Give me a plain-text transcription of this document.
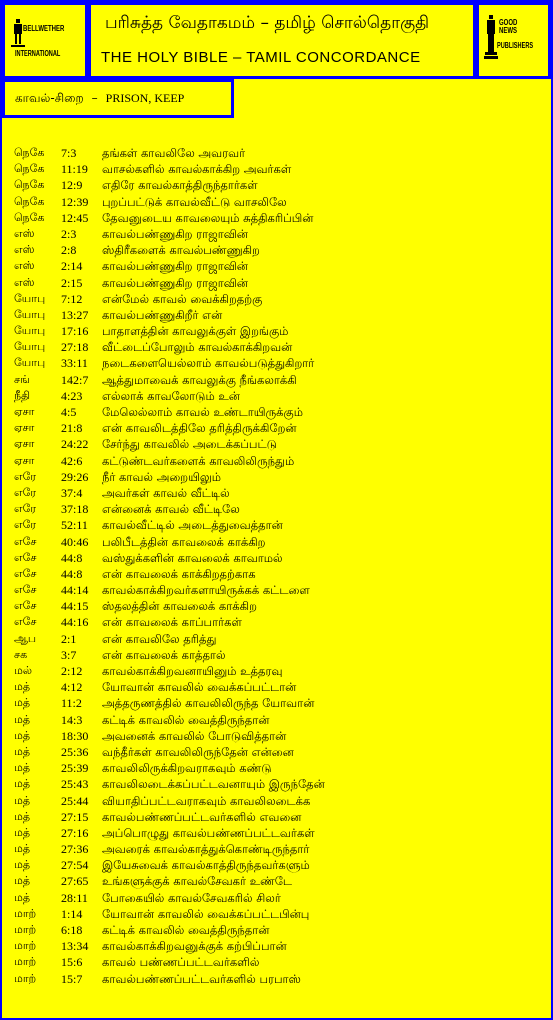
BELLWETHER
INTERNATIONAL
பரிசுத்த வேதாகமம் – தமிழ் சொல்தொகுதி
THE HOLY BIBLE – TAMIL CONCORDANCE
GOOD NEWS
PUBLISHERS
காவல்-சிறை – PRISON, KEEP
நெகே 7:3 தங்கள் காவலிலே அவரவர்
நெகே 11:19 வாசல்களில் காவல்காக்கிற அவர்கள்
நெகே 12:9 எதிரே காவல்காத்திருந்தார்கள்
நெகே 12:39 புறப்பட்டுக் காவல்வீட்டு வாசலிலே
நெகே 12:45 தேவனுடைய காவலையும் சுத்திகரிப்பின்
எஸ் 2:3 காவல்பண்ணுகிற ராஜாவின்
எஸ் 2:8 ஸ்திரீகளைக் காவல்பண்ணுகிற
எஸ் 2:14 காவல்பண்ணுகிற ராஜாவின்
எஸ் 2:15 காவல்பண்ணுகிற ராஜாவின்
யோபு 7:12 என்மேல் காவல் வைக்கிறதற்கு
யோபு 13:27 காவல்பண்ணுகிறீர் என்
யோபு 17:16 பாதாளத்தின் காவலுக்குள் இறங்கும்
யோபு 27:18 வீட்டைப்போலும் காவல்காக்கிறவன்
யோபு 33:11 நடைகளையெல்லாம் காவல்படுத்துகிறார்
சங்	142:7 ஆத்துமாவைக் காவலுக்கு நீங்கலாக்கி
நீதி	4:23 எல்லாக் காவலோடும் உன்
ஏசா 4:5 மேலெல்லாம் காவல் உண்டாயிருக்கும்
ஏசா 21:8 என் காவலிடத்திலே தரித்திருக்கிறேன்
ஏசா 24:22 சேர்ந்து காவலில் அடைக்கப்பட்டு
ஏசா 42:6 கட்டுண்டவர்களைக் காவலிலிருந்தும்
எரே 29:26 நீர் காவல் அறையிலும்
எரே 37:4 அவர்கள் காவல் வீட்டில்
எரே 37:18 என்னைக் காவல் வீட்டிலே
எரே 52:11 காவல்வீட்டில் அடைத்துவைத்தான்
எசே 40:46 பலிபீடத்தின் காவலைக் காக்கிற
எசே 44:8 வஸ்துக்களின் காவலைக் காவாமல்
எசே 44:8 என் காவலைக் காக்கிறதற்காக
எசே 44:14 காவல்காக்கிறவர்களாயிருக்கக் கட்டளை
எசே 44:15 ஸ்தலத்தின் காவலைக் காக்கிற
எசே 44:16 என் காவலைக் காப்பார்கள்
ஆப 2:1 என் காவலிலே தரித்து
சக	3:7 என் காவலைக் காத்தால்
மல் 2:12 காவல்காக்கிறவனாயினும் உத்தரவு
மத்	4:12 யோவான் காவலில் வைக்கப்பட்டான்
மத்	11:2 அத்தருணத்தில் காவலிலிருந்த யோவான்
மத்	14:3 கட்டிக் காவலில் வைத்திருந்தான்
மத்	18:30 அவனைக் காவலில் போடுவித்தான்
மத்	25:36 வந்தீர்கள் காவலிலிருந்தேன் என்னை
மத்	25:39 காவலிலிருக்கிறவராகவும் கண்டு
மத்	25:43 காவலிலடைக்கப்பட்டவனாயும் இருந்தேன்
மத்	25:44 வியாதிப்பட்டவராகவும் காவலிலடைக்க
மத்	27:15 காவல்பண்ணப்பட்டவர்களில் எவனை
மத்	27:16 அப்பொழுது காவல்பண்ணப்பட்டவர்கள்
மத்	27:36 அவரைக் காவல்காத்துக்கொண்டிருந்தார்
மத்	27:54 இயேசுவைக் காவல்காத்திருந்தவர்களும்
மத்	27:65 உங்களுக்குக் காவல்சேவகர் உண்டே
மத்	28:11 போகையில் காவல்சேவகரில் சிலர்
மாற் 1:14 யோவான் காவலில் வைக்கப்பட்டபின்பு
மாற் 6:18 கட்டிக் காவலில் வைத்திருந்தான்
மாற் 13:34 காவல்காக்கிறவனுக்குக் கற்பிப்பான்
மாற் 15:6 காவல் பண்ணப்பட்டவர்களில்
மாற் 15:7 காவல்பண்ணப்பட்டவர்களில் பரபாஸ்
